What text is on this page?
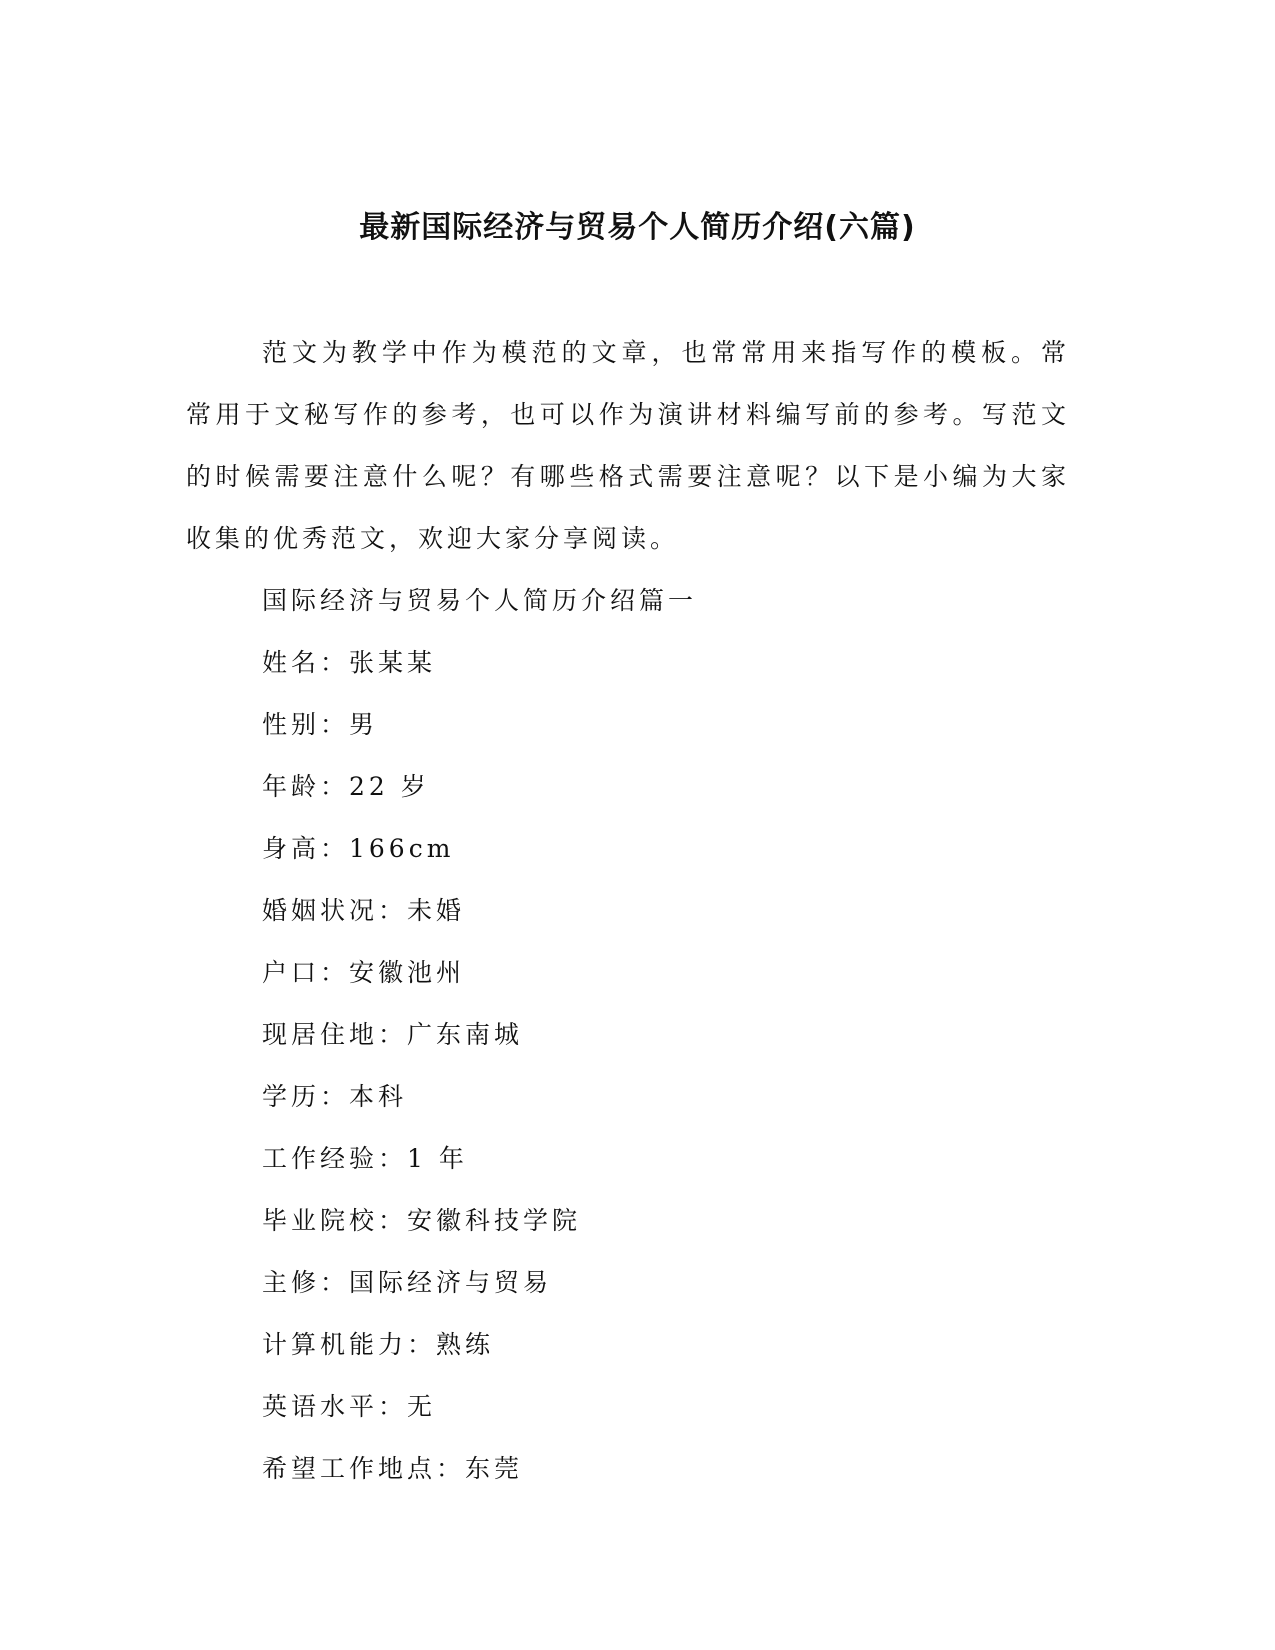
最新国际经济与贸易个人简历介绍(六篇)

范文为教学中作为模范的文章，也常常用来指写作的模板。常常用于文秘写作的参考，也可以作为演讲材料编写前的参考。写范文的时候需要注意什么呢？有哪些格式需要注意呢？以下是小编为大家收集的优秀范文，欢迎大家分享阅读。

国际经济与贸易个人简历介绍篇一
姓名：张某某
性别：男
年龄：22 岁
身高：166cm
婚姻状况：未婚
户口：安徽池州
现居住地：广东南城
学历：本科
工作经验：1 年
毕业院校：安徽科技学院
主修：国际经济与贸易
计算机能力：熟练
英语水平：无
希望工作地点：东莞
